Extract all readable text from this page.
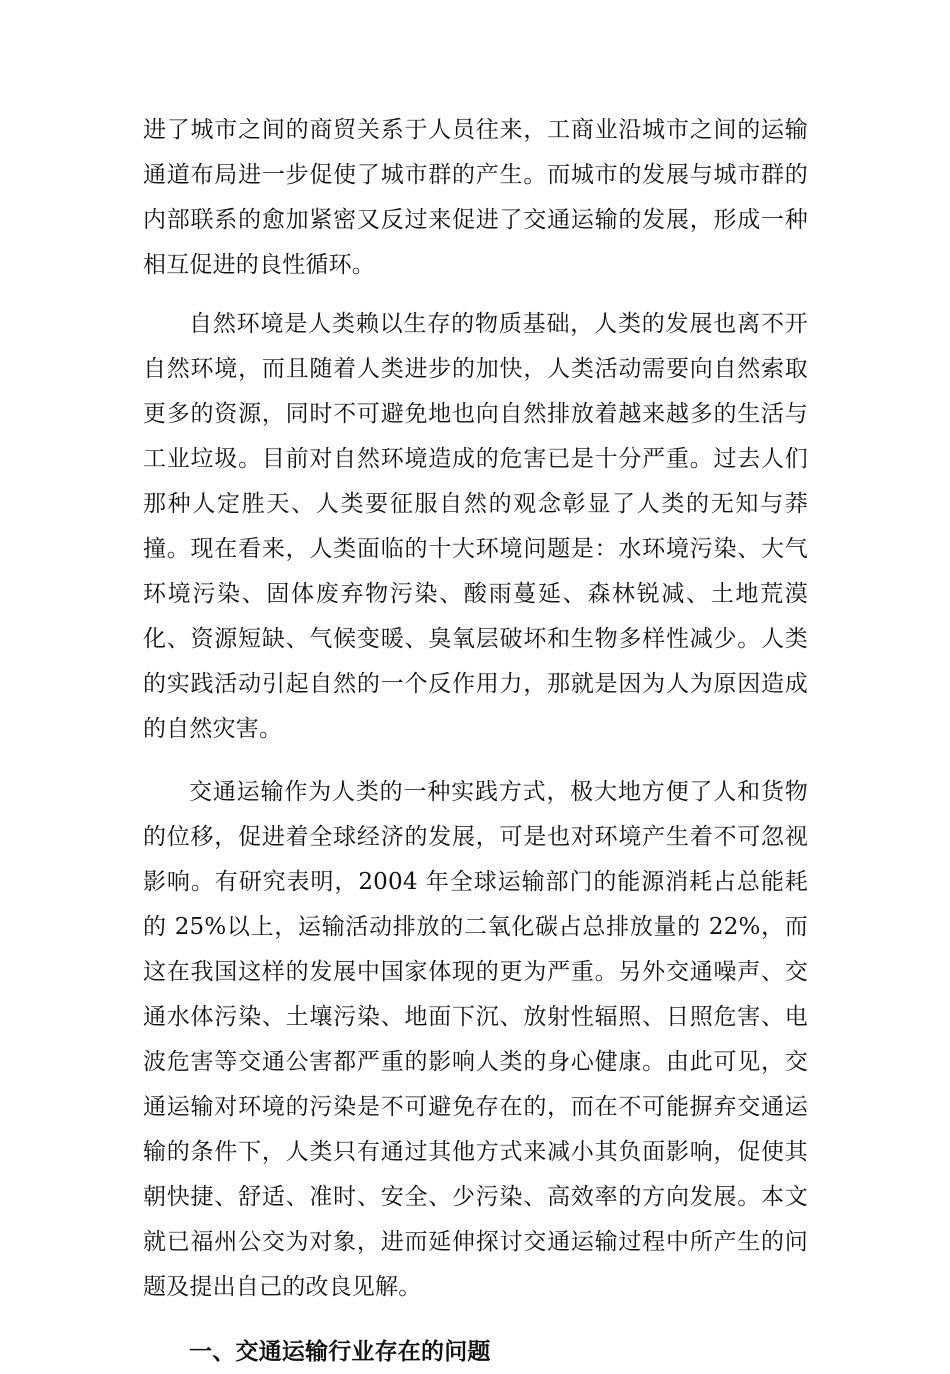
进了城市之间的商贸关系于人员往来，工商业沿城市之间的运输通道布局进一步促使了城市群的产生。而城市的发展与城市群的内部联系的愈加紧密又反过来促进了交通运输的发展，形成一种相互促进的良性循环。

自然环境是人类赖以生存的物质基础，人类的发展也离不开自然环境，而且随着人类进步的加快，人类活动需要向自然索取更多的资源，同时不可避免地也向自然排放着越来越多的生活与工业垃圾。目前对自然环境造成的危害已是十分严重。过去人们那种人定胜天、人类要征服自然的观念彰显了人类的无知与莽撞。现在看来，人类面临的十大环境问题是：水环境污染、大气环境污染、固体废弃物污染、酸雨蔓延、森林锐减、土地荒漠化、资源短缺、气候变暖、臭氧层破坏和生物多样性减少。人类的实践活动引起自然的一个反作用力，那就是因为人为原因造成的自然灾害。

交通运输作为人类的一种实践方式，极大地方便了人和货物的位移，促进着全球经济的发展，可是也对环境产生着不可忽视影响。有研究表明，2004 年全球运输部门的能源消耗占总能耗的 25%以上，运输活动排放的二氧化碳占总排放量的 22%，而这在我国这样的发展中国家体现的更为严重。另外交通噪声、交通水体污染、土壤污染、地面下沉、放射性辐照、日照危害、电波危害等交通公害都严重的影响人类的身心健康。由此可见，交通运输对环境的污染是不可避免存在的，而在不可能摒弃交通运输的条件下，人类只有通过其他方式来减小其负面影响，促使其朝快捷、舒适、准时、安全、少污染、高效率的方向发展。本文就已福州公交为对象，进而延伸探讨交通运输过程中所产生的问题及提出自己的改良见解。

一、交通运输行业存在的问题
